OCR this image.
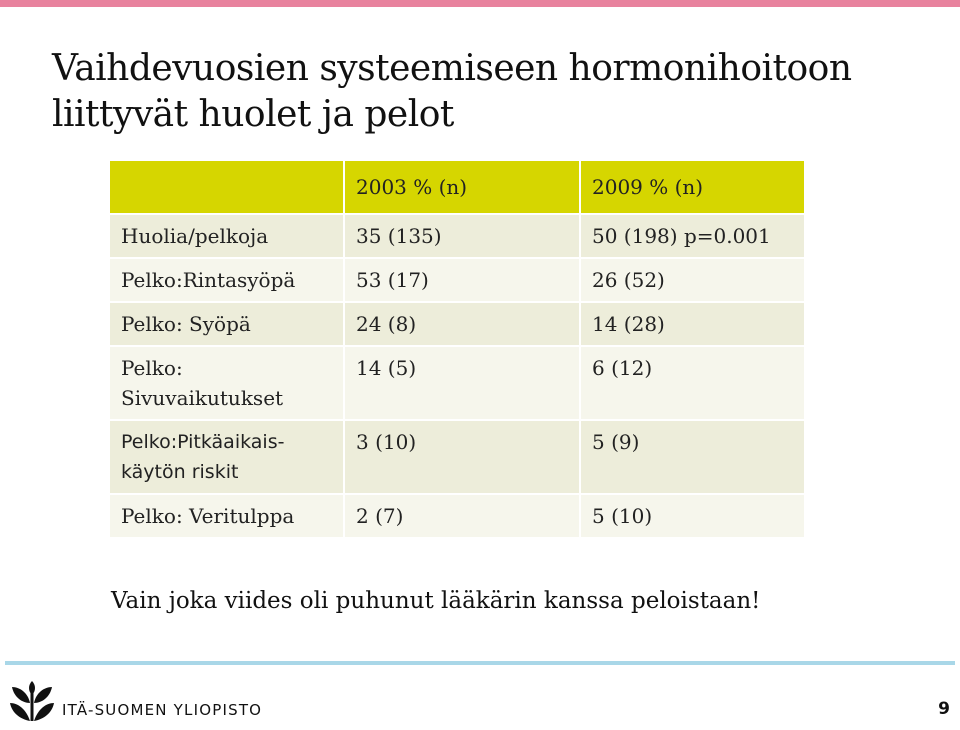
Vaihdevuosien systeemiseen hormonihoitoon
liittyvät huolet ja pelot
	2003 % (n)	2009 % (n)
Huolia/pelkoja	35 (135)	50 (198) p=0.001
Pelko:Rintasyöpä	53 (17)	26 (52)
Pelko: Syöpä	24 (8)	14 (28)
Pelko: Sivuvaikutukset	14 (5)	6 (12)
Pelko:Pitkäaikais-käytön riskit	3 (10)	5 (9)
Pelko: Veritulppa	2 (7)	5 (10)
Vain joka viides oli puhunut lääkärin kanssa peloistaan!
ITÄ-SUOMEN YLIOPISTO	9
